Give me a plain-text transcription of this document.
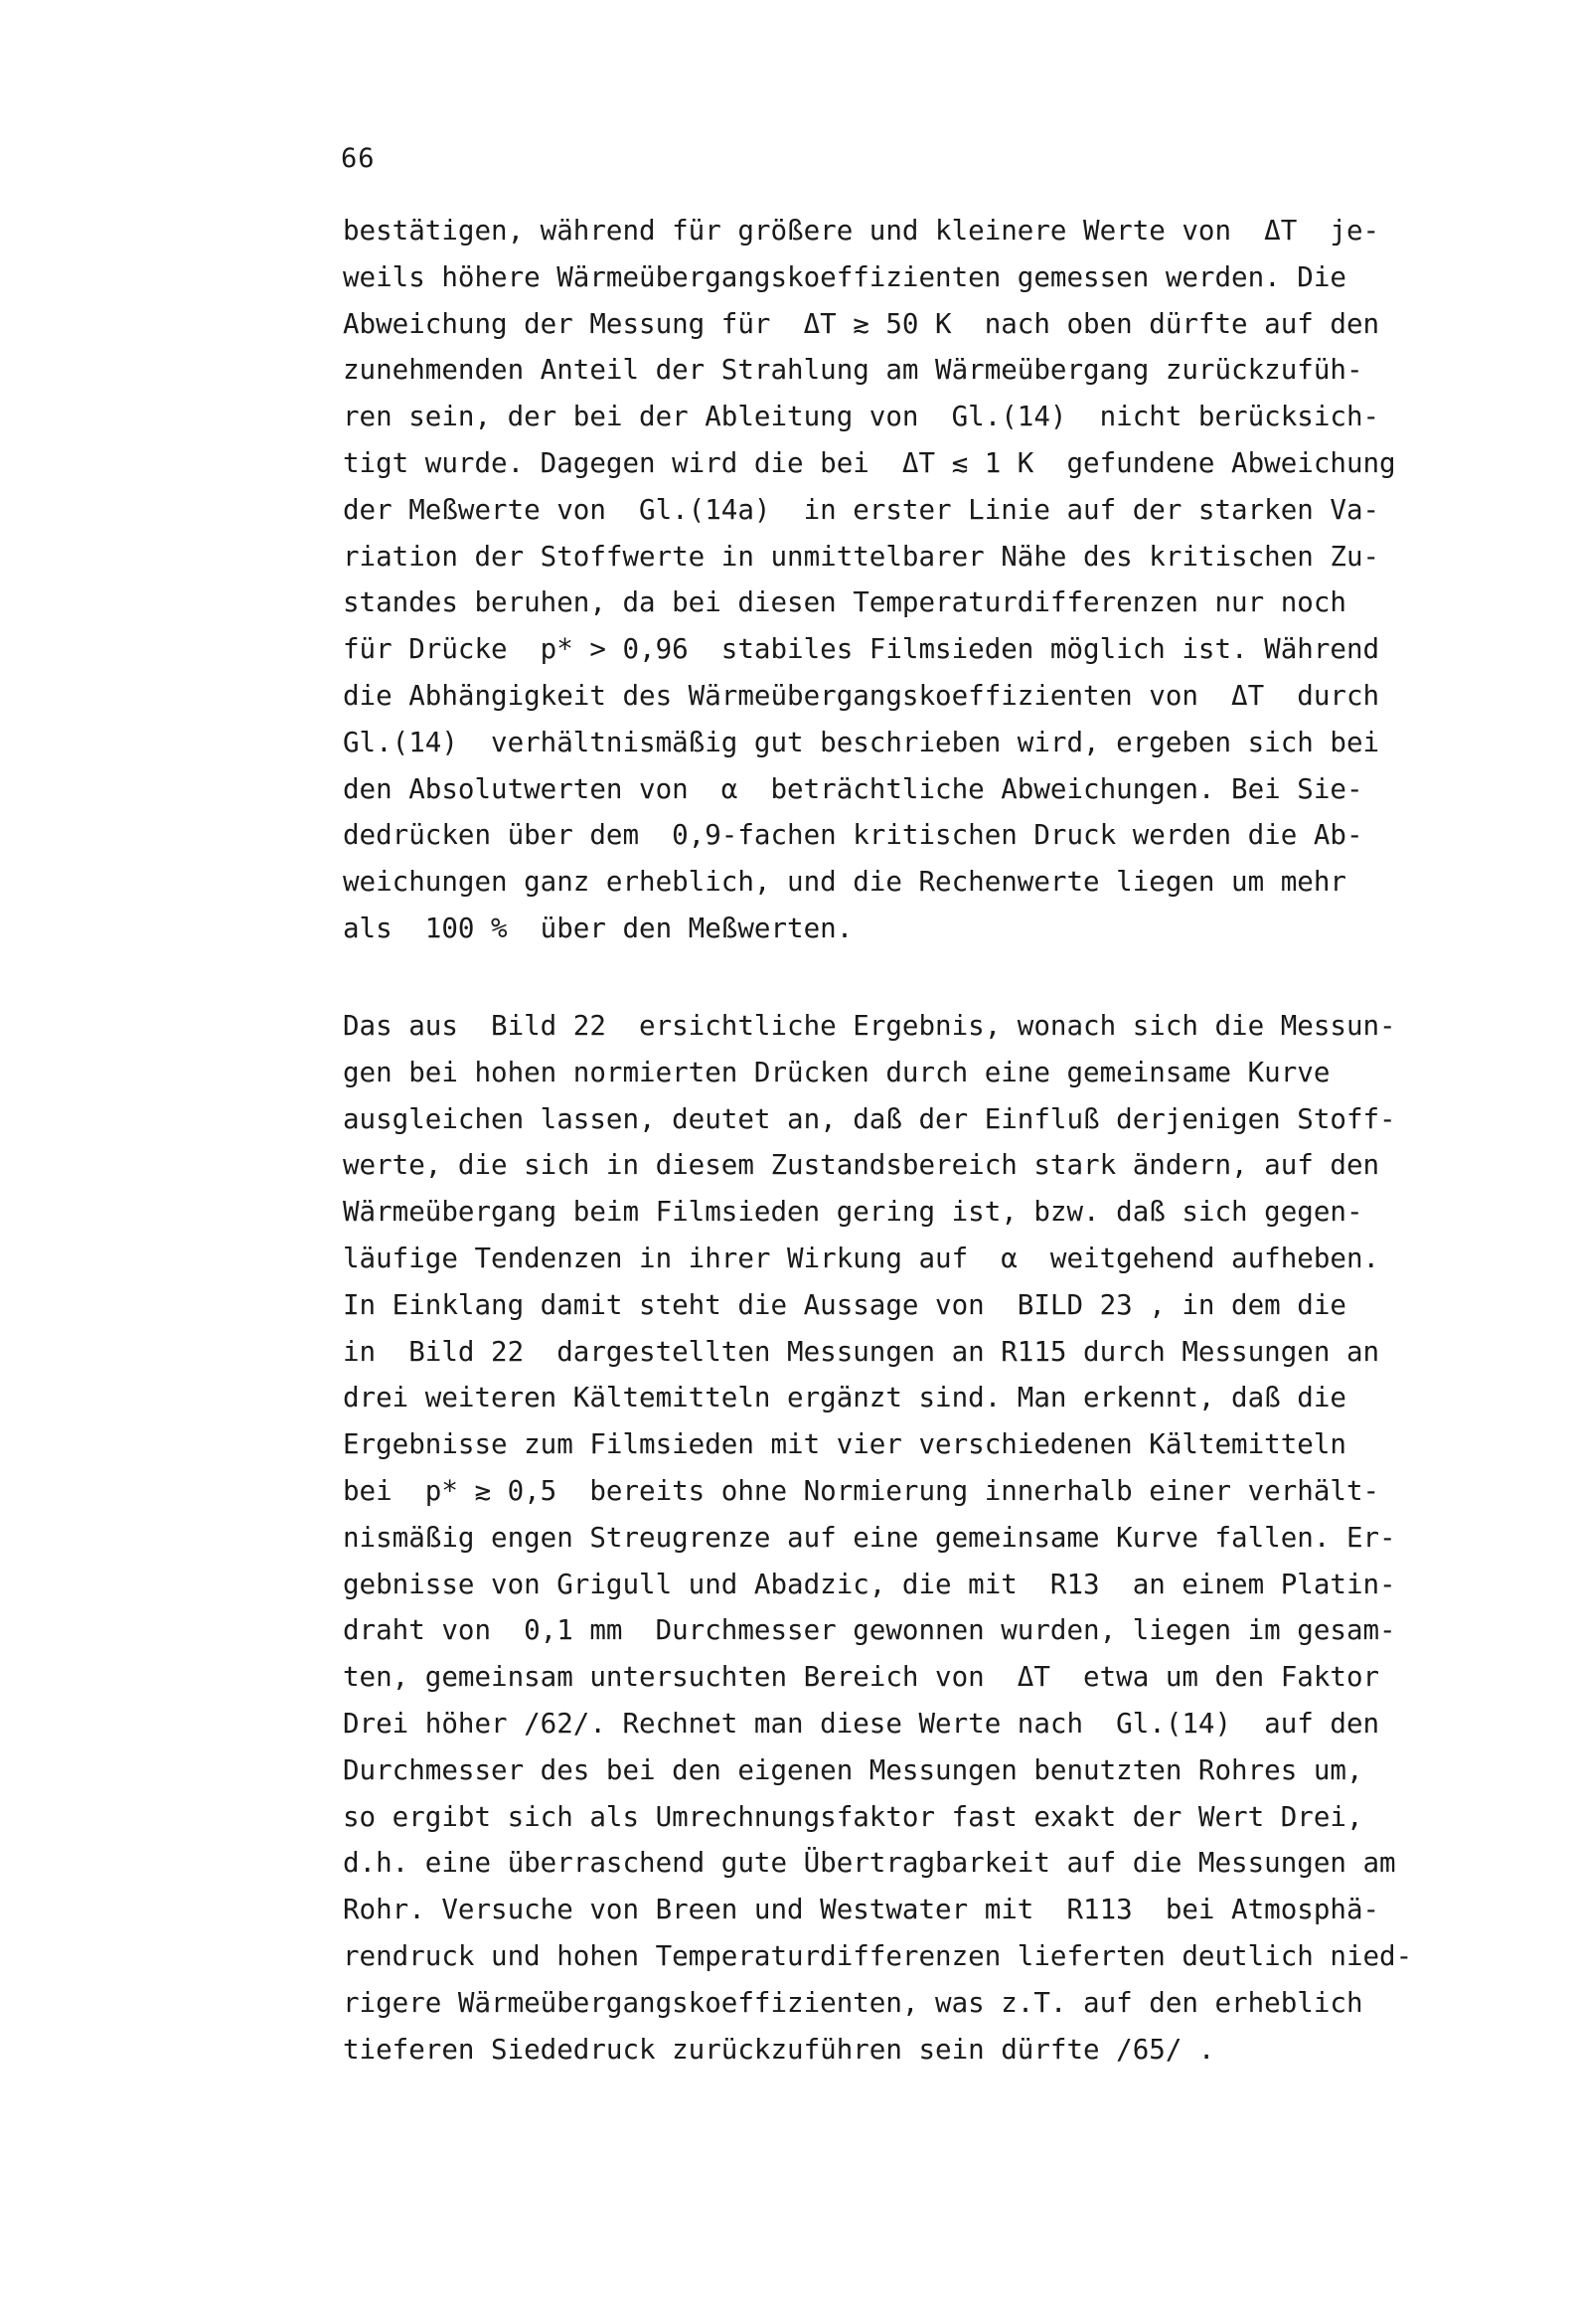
66
bestätigen, während für größere und kleinere Werte von  ΔT  je-
weils höhere Wärmeübergangskoeffizienten gemessen werden. Die
Abweichung der Messung für  ΔT ≳ 50 K  nach oben dürfte auf den
zunehmenden Anteil der Strahlung am Wärmeübergang zurückzufüh-
ren sein, der bei der Ableitung von  Gl.(14)  nicht berücksich-
tigt wurde. Dagegen wird die bei  ΔT ≲ 1 K  gefundene Abweichung
der Meßwerte von  Gl.(14a)  in erster Linie auf der starken Va-
riation der Stoffwerte in unmittelbarer Nähe des kritischen Zu-
standes beruhen, da bei diesen Temperaturdifferenzen nur noch
für Drücke  p* > 0,96  stabiles Filmsieden möglich ist. Während
die Abhängigkeit des Wärmeübergangskoeffizienten von  ΔT  durch
Gl.(14)  verhältnismäßig gut beschrieben wird, ergeben sich bei
den Absolutwerten von  α  beträchtliche Abweichungen. Bei Sie-
dedrücken über dem  0,9-fachen kritischen Druck werden die Ab-
weichungen ganz erheblich, und die Rechenwerte liegen um mehr
als  100 %  über den Meßwerten.
Das aus  Bild 22  ersichtliche Ergebnis, wonach sich die Messun-
gen bei hohen normierten Drücken durch eine gemeinsame Kurve
ausgleichen lassen, deutet an, daß der Einfluß derjenigen Stoff-
werte, die sich in diesem Zustandsbereich stark ändern, auf den
Wärmeübergang beim Filmsieden gering ist, bzw. daß sich gegen-
läufige Tendenzen in ihrer Wirkung auf  α  weitgehend aufheben.
In Einklang damit steht die Aussage von  BILD 23 , in dem die
in  Bild 22  dargestellten Messungen an R115 durch Messungen an
drei weiteren Kältemitteln ergänzt sind. Man erkennt, daß die
Ergebnisse zum Filmsieden mit vier verschiedenen Kältemitteln
bei  p* ≳ 0,5  bereits ohne Normierung innerhalb einer verhält-
nismäßig engen Streugrenze auf eine gemeinsame Kurve fallen. Er-
gebnisse von Grigull und Abadzic, die mit  R13  an einem Platin-
draht von  0,1 mm  Durchmesser gewonnen wurden, liegen im gesam-
ten, gemeinsam untersuchten Bereich von  ΔT  etwa um den Faktor
Drei höher /62/. Rechnet man diese Werte nach  Gl.(14)  auf den
Durchmesser des bei den eigenen Messungen benutzten Rohres um,
so ergibt sich als Umrechnungsfaktor fast exakt der Wert Drei,
d.h. eine überraschend gute Übertragbarkeit auf die Messungen am
Rohr. Versuche von Breen und Westwater mit  R113  bei Atmosphä-
rendruck und hohen Temperaturdifferenzen lieferten deutlich nied-
rigere Wärmeübergangskoeffizienten, was z.T. auf den erheblich
tieferen Siededruck zurückzuführen sein dürfte /65/ .
